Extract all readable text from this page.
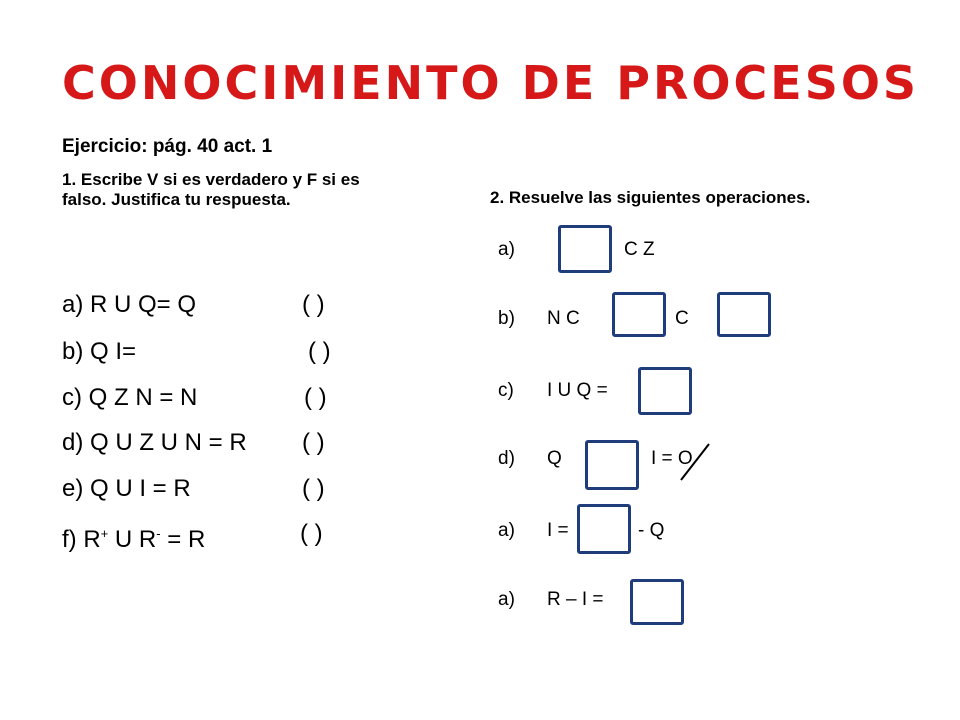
CONOCIMIENTO DE PROCESOS
Ejercicio: pág. 40 act. 1
1. Escribe V si es verdadero y F si es falso. Justifica tu respuesta.	2. Resuelve las siguientes operaciones.
a) R U Q= Q	( )
b) Q I=	( )
c) Q Z N = N	( )
d) Q U Z U N = R ( )
e) Q U I = R	( )
f) R+ U R- = R	( )
a)	C Z
b) N C	C
c) I U Q =
d) Q	I = O
a) I =	- Q
a) R – I =
